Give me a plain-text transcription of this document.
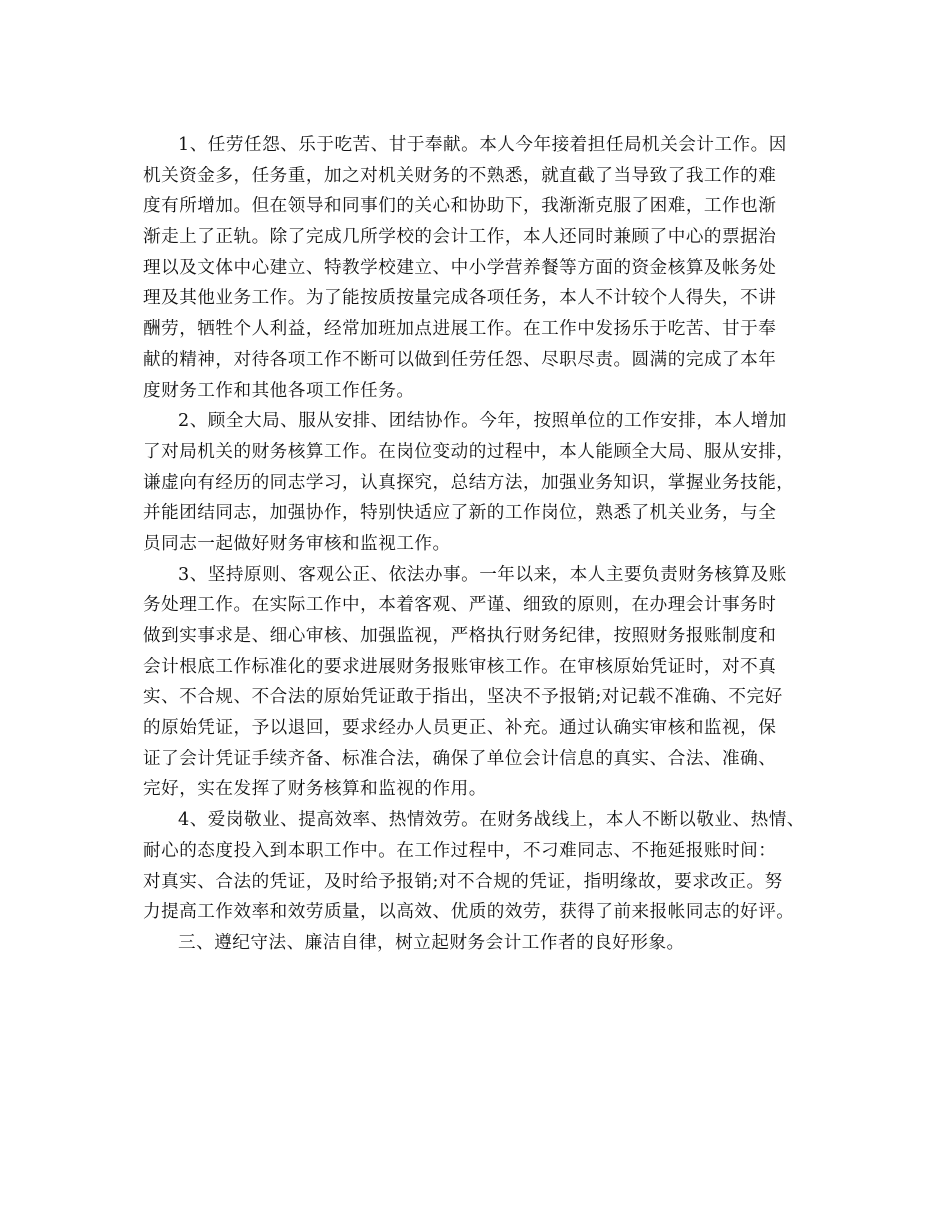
1、任劳任怨、乐于吃苦、甘于奉献。本人今年接着担任局机关会计工作。因
机关资金多，任务重，加之对机关财务的不熟悉，就直截了当导致了我工作的难
度有所增加。但在领导和同事们的关心和协助下，我渐渐克服了困难，工作也渐
渐走上了正轨。除了完成几所学校的会计工作，本人还同时兼顾了中心的票据治
理以及文体中心建立、特教学校建立、中小学营养餐等方面的资金核算及帐务处
理及其他业务工作。为了能按质按量完成各项任务，本人不计较个人得失，不讲
酬劳，牺牲个人利益，经常加班加点进展工作。在工作中发扬乐于吃苦、甘于奉
献的精神，对待各项工作不断可以做到任劳任怨、尽职尽责。圆满的完成了本年
度财务工作和其他各项工作任务。
2、顾全大局、服从安排、团结协作。今年，按照单位的工作安排，本人增加
了对局机关的财务核算工作。在岗位变动的过程中，本人能顾全大局、服从安排，
谦虚向有经历的同志学习，认真探究，总结方法，加强业务知识，掌握业务技能，
并能团结同志，加强协作，特别快适应了新的工作岗位，熟悉了机关业务，与全
员同志一起做好财务审核和监视工作。
3、坚持原则、客观公正、依法办事。一年以来，本人主要负责财务核算及账
务处理工作。在实际工作中，本着客观、严谨、细致的原则，在办理会计事务时
做到实事求是、细心审核、加强监视，严格执行财务纪律，按照财务报账制度和
会计根底工作标准化的要求进展财务报账审核工作。在审核原始凭证时，对不真
实、不合规、不合法的原始凭证敢于指出，坚决不予报销;对记载不准确、不完好
的原始凭证，予以退回，要求经办人员更正、补充。通过认确实审核和监视，保
证了会计凭证手续齐备、标准合法，确保了单位会计信息的真实、合法、准确、
完好，实在发挥了财务核算和监视的作用。
4、爱岗敬业、提高效率、热情效劳。在财务战线上，本人不断以敬业、热情、
耐心的态度投入到本职工作中。在工作过程中，不刁难同志、不拖延报账时间：
对真实、合法的凭证，及时给予报销;对不合规的凭证，指明缘故，要求改正。努
力提高工作效率和效劳质量，以高效、优质的效劳，获得了前来报帐同志的好评。
三、遵纪守法、廉洁自律，树立起财务会计工作者的良好形象。
